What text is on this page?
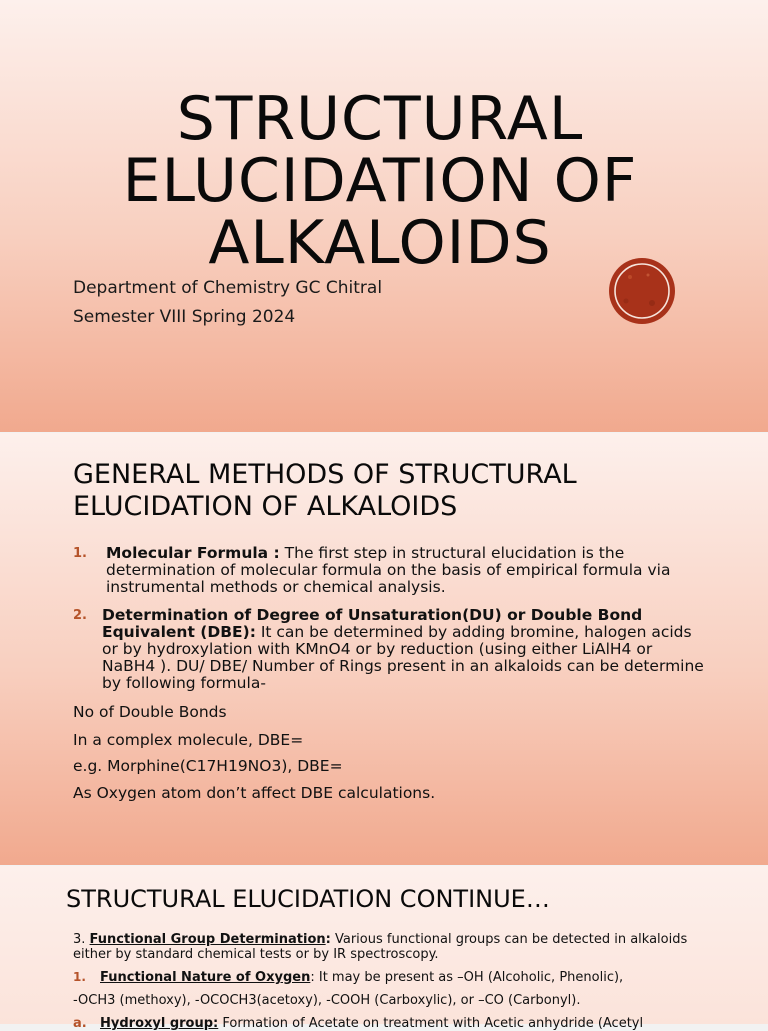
STRUCTURAL ELUCIDATION OF ALKALOIDS

Department of Chemistry GC Chitral

Semester VIII Spring 2024

GENERAL METHODS OF STRUCTURAL ELUCIDATION OF ALKALOIDS
1. Molecular Formula : The first step in structural elucidation is the determination of molecular formula on the basis of empirical formula via instrumental methods or chemical analysis.
2. Determination of Degree of Unsaturation(DU) or Double Bond Equivalent (DBE): It can be determined by adding bromine, halogen acids or by hydroxylation with KMnO4 or by reduction (using either LiAlH4 or NaBH4 ). DU/ DBE/ Number of Rings present in an alkaloids can be determine by following formula-

No of Double Bonds

In a complex molecule, DBE=

e.g. Morphine(C17H19NO3), DBE=

As Oxygen atom don’t affect DBE calculations.

STRUCTURAL ELUCIDATION CONTINUE…
3. Functional Group Determination: Various functional groups can be detected in alkaloids either by standard chemical tests or by IR spectroscopy.
1. Functional Nature of Oxygen: It may be present as –OH (Alcoholic, Phenolic),
-OCH3 (methoxy), -OCOCH3(acetoxy), -COOH (Carboxylic), or –CO (Carbonyl).
a. Hydroxyl group: Formation of Acetate on treatment with Acetic anhydride (Acetyl
